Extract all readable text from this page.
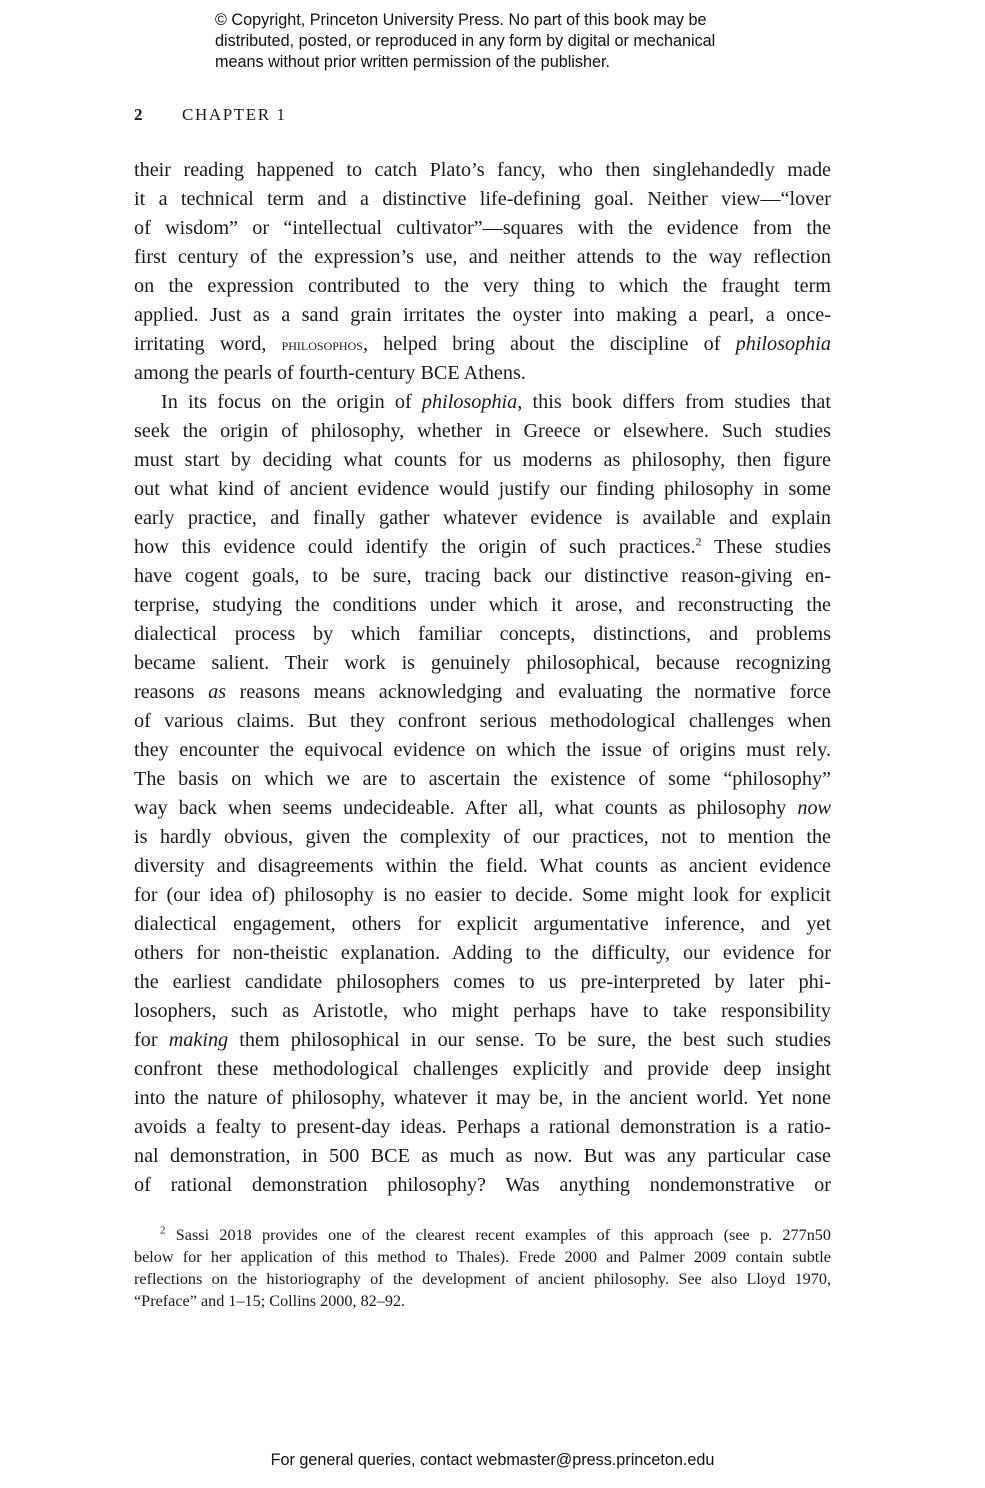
© Copyright, Princeton University Press. No part of this book may be
distributed, posted, or reproduced in any form by digital or mechanical
means without prior written permission of the publisher.
2 CHAPTER 1
their reading happened to catch Plato’s fancy, who then singlehandedly made
it a technical term and a distinctive life-defining goal. Neither view—“lover
of wisdom” or “intellectual cultivator”—squares with the evidence from the
first century of the expression’s use, and neither attends to the way reflection
on the expression contributed to the very thing to which the fraught term
applied. Just as a sand grain irritates the oyster into making a pearl, a once-
irritating word, philosophos, helped bring about the discipline of philosophia
among the pearls of fourth-century BCE Athens.
In its focus on the origin of philosophia, this book differs from studies that
seek the origin of philosophy, whether in Greece or elsewhere. Such studies
must start by deciding what counts for us moderns as philosophy, then figure
out what kind of ancient evidence would justify our finding philosophy in some
early practice, and finally gather whatever evidence is available and explain
how this evidence could identify the origin of such practices.$^2$ These studies
have cogent goals, to be sure, tracing back our distinctive reason-giving en-
terprise, studying the conditions under which it arose, and reconstructing the
dialectical process by which familiar concepts, distinctions, and problems
became salient. Their work is genuinely philosophical, because recognizing
reasons as reasons means acknowledging and evaluating the normative force
of various claims. But they confront serious methodological challenges when
they encounter the equivocal evidence on which the issue of origins must rely.
The basis on which we are to ascertain the existence of some “philosophy”
way back when seems undecideable. After all, what counts as philosophy now
is hardly obvious, given the complexity of our practices, not to mention the
diversity and disagreements within the field. What counts as ancient evidence
for (our idea of) philosophy is no easier to decide. Some might look for explicit
dialectical engagement, others for explicit argumentative inference, and yet
others for non-theistic explanation. Adding to the difficulty, our evidence for
the earliest candidate philosophers comes to us pre-interpreted by later phi-
losophers, such as Aristotle, who might perhaps have to take responsibility
for making them philosophical in our sense. To be sure, the best such studies
confront these methodological challenges explicitly and provide deep insight
into the nature of philosophy, whatever it may be, in the ancient world. Yet none
avoids a fealty to present-day ideas. Perhaps a rational demonstration is a ratio-
nal demonstration, in 500 BCE as much as now. But was any particular case
of rational demonstration philosophy? Was anything nondemonstrative or
$^2$ Sassi 2018 provides one of the clearest recent examples of this approach (see p. 277n50
below for her application of this method to Thales). Frede 2000 and Palmer 2009 contain subtle
reflections on the historiography of the development of ancient philosophy. See also Lloyd 1970,
“Preface” and 1–15; Collins 2000, 82–92.
For general queries, contact webmaster@press.princeton.edu
